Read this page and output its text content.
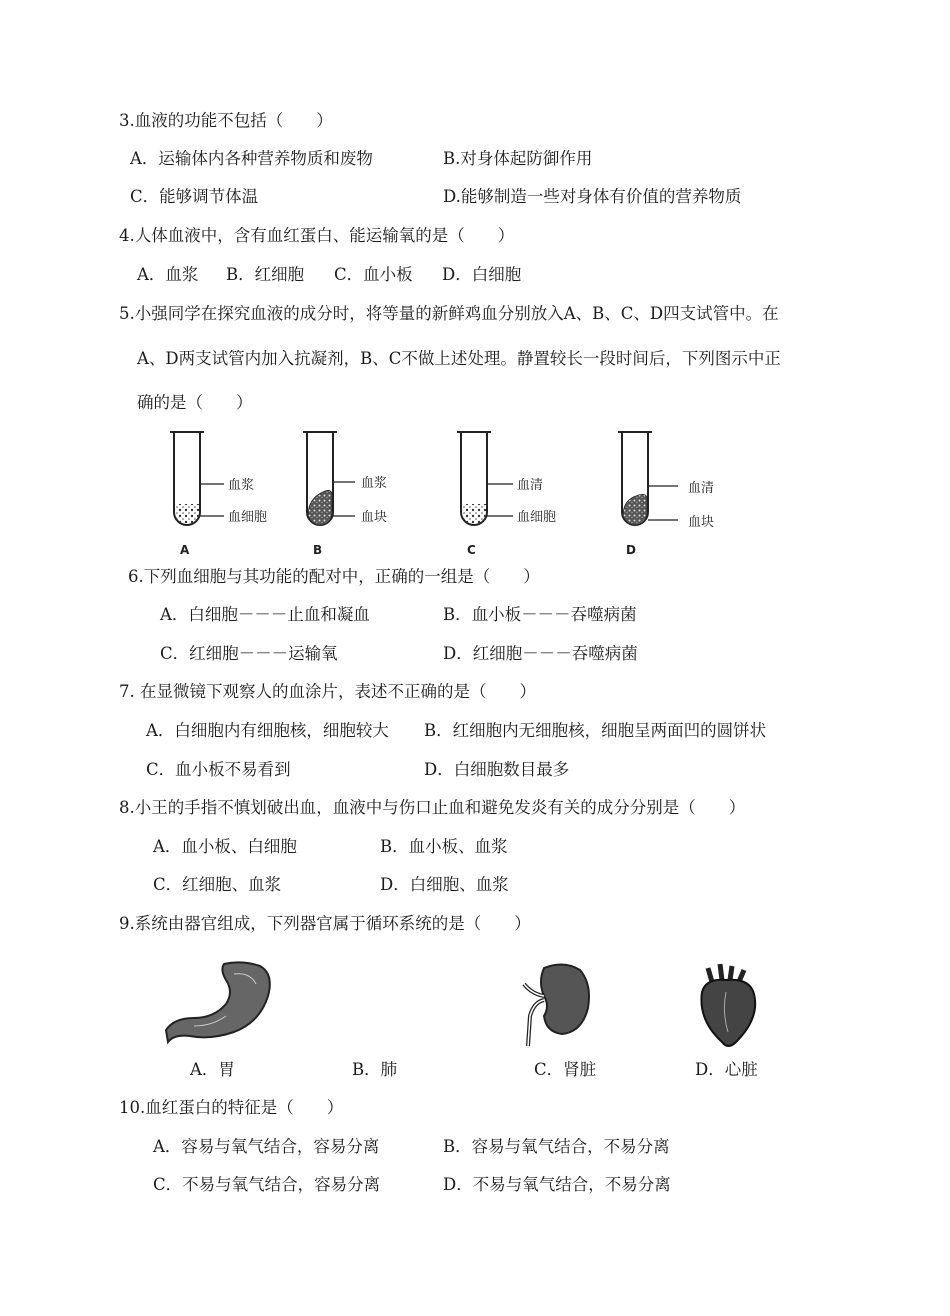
3.血液的功能不包括（　　）
A．运输体内各种营养物质和废物	B.对身体起防御作用
C．能够调节体温	D.能够制造一些对身体有价值的营养物质
4.人体血液中，含有血红蛋白、能运输氧的是（　　）
A．血浆 B．红细胞 C．血小板 D．白细胞
5.小强同学在探究血液的成分时，将等量的新鲜鸡血分别放入A、B、C、D四支试管中。在
A、D两支试管内加入抗凝剂，B、C不做上述处理。静置较长一段时间后，下列图示中正
确的是（　　）
血浆
血细胞
A
血浆
血块
B
血清
血细胞
C
血清
血块
D
6.下列血细胞与其功能的配对中，正确的一组是（　　）
A．白细胞－－－止血和凝血	B．血小板－－－吞噬病菌
C．红细胞－－－运输氧	D．红细胞－－－吞噬病菌
7. 在显微镜下观察人的血涂片，表述不正确的是（　　）
A．白细胞内有细胞核，细胞较大 B．红细胞内无细胞核，细胞呈两面凹的圆饼状
C．血小板不易看到	D．白细胞数目最多
8.小王的手指不慎划破出血，血液中与伤口止血和避免发炎有关的成分分别是（　　）
A．血小板、白细胞	B．血小板、血浆
C．红细胞、血浆	D．白细胞、血浆
9.系统由器官组成，下列器官属于循环系统的是（　　）
A．胃	B．肺	C．肾脏	D．心脏
10.血红蛋白的特征是（　　）
A．容易与氧气结合，容易分离	B．容易与氧气结合，不易分离
C．不易与氧气结合，容易分离	D．不易与氧气结合，不易分离
